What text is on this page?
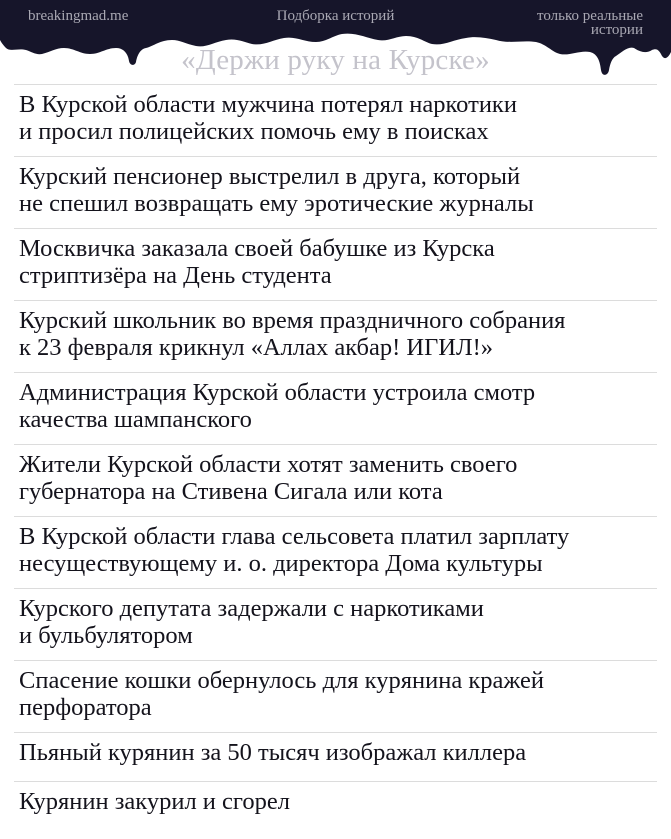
breakingmad.me	Подборка историй	только реальные
истории
«Держи руку на Курске»
В Курской области мужчина потерял наркотики
и просил полицейских помочь ему в поисках
Курский пенсионер выстрелил в друга, который
не спешил возвращать ему эротические журналы
Москвичка заказала своей бабушке из Курска
стриптизёра на День студента
Курский школьник во время праздничного собрания
к 23 февраля крикнул «Аллах акбар! ИГИЛ!»
Администрация Курской области устроила смотр
качества шампанского
Жители Курской области хотят заменить своего
губернатора на Стивена Сигала или кота
В Курской области глава сельсовета платил зарплату
несуществующему и. о. директора Дома культуры
Курского депутата задержали с наркотиками
и бульбулятором
Спасение кошки обернулось для курянина кражей
перфоратора
Пьяный курянин за 50 тысяч изображал киллера
Курянин закурил и сгорел
